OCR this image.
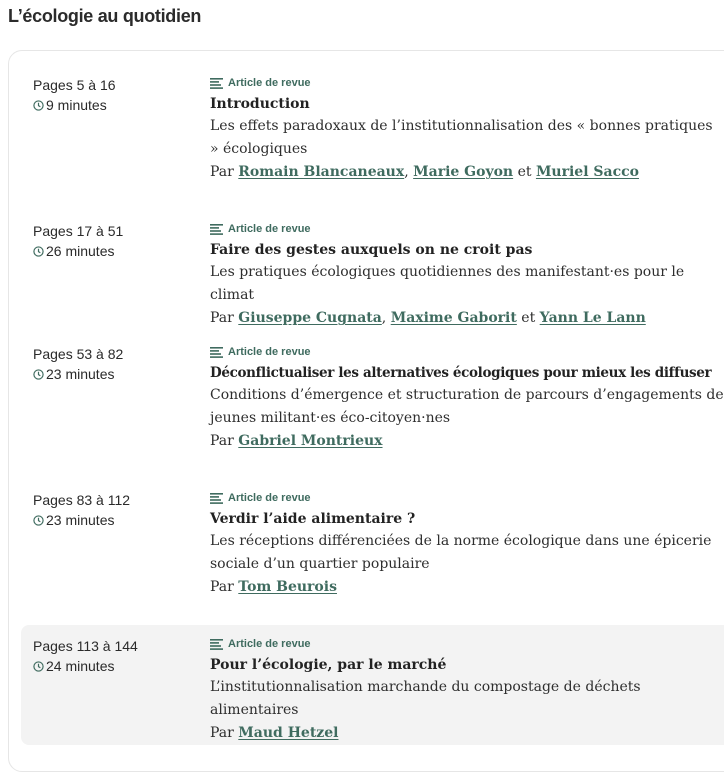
L’écologie au quotidien
Pages 5 à 16
9 minutes
Article de revue
Introduction
Les effets paradoxaux de l’institutionnalisation des « bonnes pratiques » écologiques
Par Romain Blancaneaux, Marie Goyon et Muriel Sacco
Pages 17 à 51
26 minutes
Article de revue
Faire des gestes auxquels on ne croit pas
Les pratiques écologiques quotidiennes des manifestant·es pour le climat
Par Giuseppe Cugnata, Maxime Gaborit et Yann Le Lann
Pages 53 à 82
23 minutes
Article de revue
Déconflictualiser les alternatives écologiques pour mieux les diffuser
Conditions d’émergence et structuration de parcours d’engagements de jeunes militant·es éco-citoyen·nes
Par Gabriel Montrieux
Pages 83 à 112
23 minutes
Article de revue
Verdir l’aide alimentaire ?
Les réceptions différenciées de la norme écologique dans une épicerie sociale d’un quartier populaire
Par Tom Beurois
Pages 113 à 144
24 minutes
Article de revue
Pour l’écologie, par le marché
L’institutionnalisation marchande du compostage de déchets alimentaires
Par Maud Hetzel
